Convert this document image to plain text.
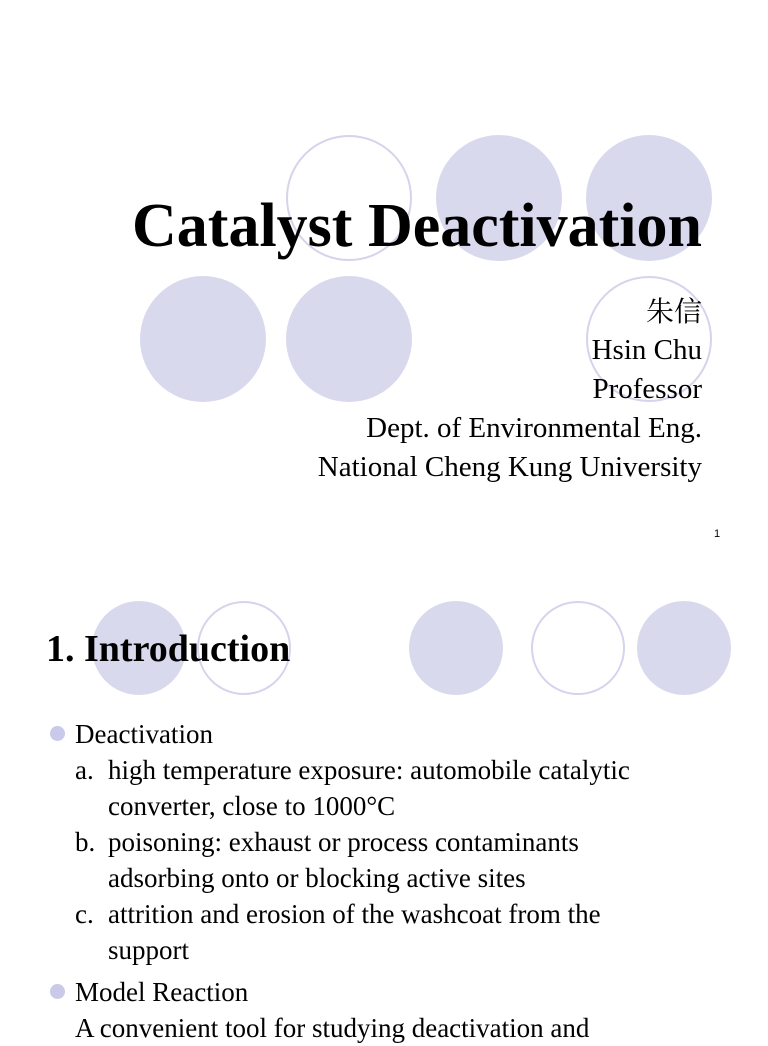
Catalyst Deactivation
朱信
Hsin Chu
Professor
Dept. of Environmental Eng.
National Cheng Kung University
1
1. Introduction
Deactivation
a. high temperature exposure: automobile catalytic
converter, close to 1000°C
b. poisoning: exhaust or process contaminants
adsorbing onto or blocking active sites
c. attrition and erosion of the washcoat from the
support
Model Reaction
A convenient tool for studying deactivation and
